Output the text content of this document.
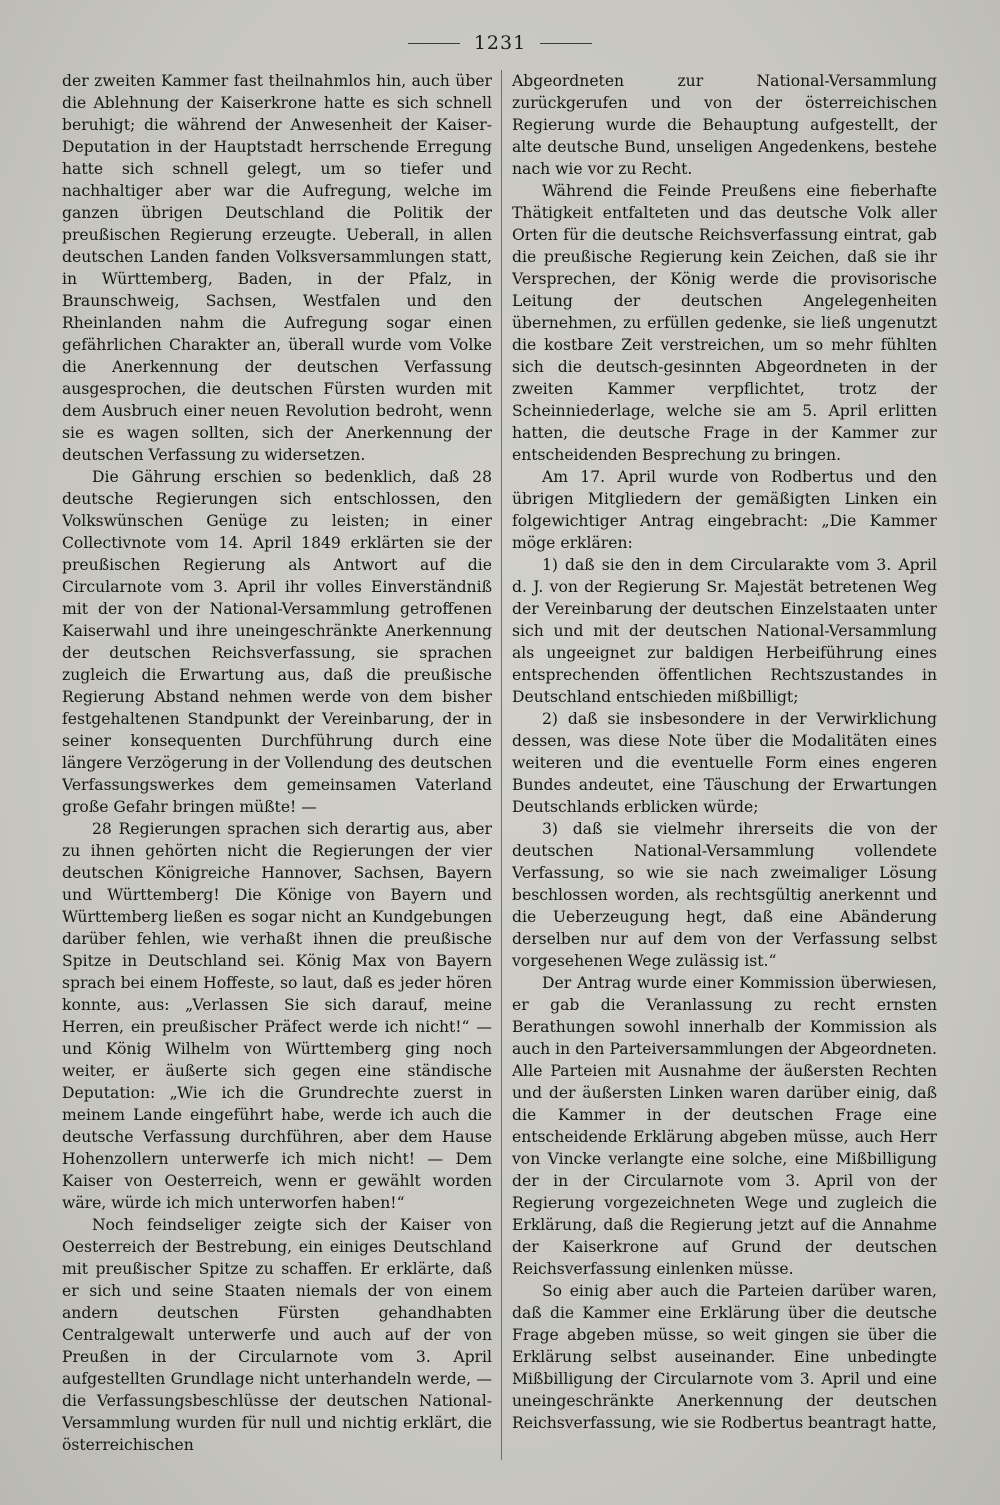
1231

der zweiten Kammer fast theilnahmlos hin, auch über die Ablehnung der Kaiserkrone hatte es sich schnell beruhigt; die während der Anwesenheit der Kaiser-Deputation in der Hauptstadt herrschende Erregung hatte sich schnell gelegt, um so tiefer und nachhaltiger aber war die Aufregung, welche im ganzen übrigen Deutschland die Politik der preußischen Regierung erzeugte. Ueberall, in allen deutschen Landen fanden Volksversammlungen statt, in Württemberg, Baden, in der Pfalz, in Braunschweig, Sachsen, Westfalen und den Rheinlanden nahm die Aufregung sogar einen gefährlichen Charakter an, überall wurde vom Volke die Anerkennung der deutschen Verfassung ausgesprochen, die deutschen Fürsten wurden mit dem Ausbruch einer neuen Revolution bedroht, wenn sie es wagen sollten, sich der Anerkennung der deutschen Verfassung zu widersetzen.

Die Gährung erschien so bedenklich, daß 28 deutsche Regierungen sich entschlossen, den Volkswünschen Genüge zu leisten; in einer Collectivnote vom 14. April 1849 erklärten sie der preußischen Regierung als Antwort auf die Circularnote vom 3. April ihr volles Einverständniß mit der von der National-Versammlung getroffenen Kaiserwahl und ihre uneingeschränkte Anerkennung der deutschen Reichsverfassung, sie sprachen zugleich die Erwartung aus, daß die preußische Regierung Abstand nehmen werde von dem bisher festgehaltenen Standpunkt der Vereinbarung, der in seiner konsequenten Durchführung durch eine längere Verzögerung in der Vollendung des deutschen Verfassungswerkes dem gemeinsamen Vaterland große Gefahr bringen müßte! —

28 Regierungen sprachen sich derartig aus, aber zu ihnen gehörten nicht die Regierungen der vier deutschen Königreiche Hannover, Sachsen, Bayern und Württemberg! Die Könige von Bayern und Württemberg ließen es sogar nicht an Kundgebungen darüber fehlen, wie verhaßt ihnen die preußische Spitze in Deutschland sei. König Max von Bayern sprach bei einem Hoffeste, so laut, daß es jeder hören konnte, aus: „Verlassen Sie sich darauf, meine Herren, ein preußischer Präfect werde ich nicht!“ — und König Wilhelm von Württemberg ging noch weiter, er äußerte sich gegen eine ständische Deputation: „Wie ich die Grundrechte zuerst in meinem Lande eingeführt habe, werde ich auch die deutsche Verfassung durchführen, aber dem Hause Hohenzollern unterwerfe ich mich nicht! — Dem Kaiser von Oesterreich, wenn er gewählt worden wäre, würde ich mich unterworfen haben!“

Noch feindseliger zeigte sich der Kaiser von Oesterreich der Bestrebung, ein einiges Deutschland mit preußischer Spitze zu schaffen. Er erklärte, daß er sich und seine Staaten niemals der von einem andern deutschen Fürsten gehandhabten Centralgewalt unterwerfe und auch auf der von Preußen in der Circularnote vom 3. April aufgestellten Grundlage nicht unterhandeln werde, — die Verfassungsbeschlüsse der deutschen National-Versammlung wurden für null und nichtig erklärt, die österreichischen

Abgeordneten zur National-Versammlung zurückgerufen und von der österreichischen Regierung wurde die Behauptung aufgestellt, der alte deutsche Bund, unseligen Angedenkens, bestehe nach wie vor zu Recht.

Während die Feinde Preußens eine fieberhafte Thätigkeit entfalteten und das deutsche Volk aller Orten für die deutsche Reichsverfassung eintrat, gab die preußische Regierung kein Zeichen, daß sie ihr Versprechen, der König werde die provisorische Leitung der deutschen Angelegenheiten übernehmen, zu erfüllen gedenke, sie ließ ungenutzt die kostbare Zeit verstreichen, um so mehr fühlten sich die deutsch-gesinnten Abgeordneten in der zweiten Kammer verpflichtet, trotz der Scheinniederlage, welche sie am 5. April erlitten hatten, die deutsche Frage in der Kammer zur entscheidenden Besprechung zu bringen.

Am 17. April wurde von Rodbertus und den übrigen Mitgliedern der gemäßigten Linken ein folgewichtiger Antrag eingebracht: „Die Kammer möge erklären:

1) daß sie den in dem Circularakte vom 3. April d. J. von der Regierung Sr. Majestät betretenen Weg der Vereinbarung der deutschen Einzelstaaten unter sich und mit der deutschen National-Versammlung als ungeeignet zur baldigen Herbeiführung eines entsprechenden öffentlichen Rechtszustandes in Deutschland entschieden mißbilligt;

2) daß sie insbesondere in der Verwirklichung dessen, was diese Note über die Modalitäten eines weiteren und die eventuelle Form eines engeren Bundes andeutet, eine Täuschung der Erwartungen Deutschlands erblicken würde;

3) daß sie vielmehr ihrerseits die von der deutschen National-Versammlung vollendete Verfassung, so wie sie nach zweimaliger Lösung beschlossen worden, als rechtsgültig anerkennt und die Ueberzeugung hegt, daß eine Abänderung derselben nur auf dem von der Verfassung selbst vorgesehenen Wege zulässig ist.“

Der Antrag wurde einer Kommission überwiesen, er gab die Veranlassung zu recht ernsten Berathungen sowohl innerhalb der Kommission als auch in den Parteiversammlungen der Abgeordneten. Alle Parteien mit Ausnahme der äußersten Rechten und der äußersten Linken waren darüber einig, daß die Kammer in der deutschen Frage eine entscheidende Erklärung abgeben müsse, auch Herr von Vincke verlangte eine solche, eine Mißbilligung der in der Circularnote vom 3. April von der Regierung vorgezeichneten Wege und zugleich die Erklärung, daß die Regierung jetzt auf die Annahme der Kaiserkrone auf Grund der deutschen Reichsverfassung einlenken müsse.

So einig aber auch die Parteien darüber waren, daß die Kammer eine Erklärung über die deutsche Frage abgeben müsse, so weit gingen sie über die Erklärung selbst auseinander. Eine unbedingte Mißbilligung der Circularnote vom 3. April und eine uneingeschränkte Anerkennung der deutschen Reichsverfassung, wie sie Rodbertus beantragt hatte,
